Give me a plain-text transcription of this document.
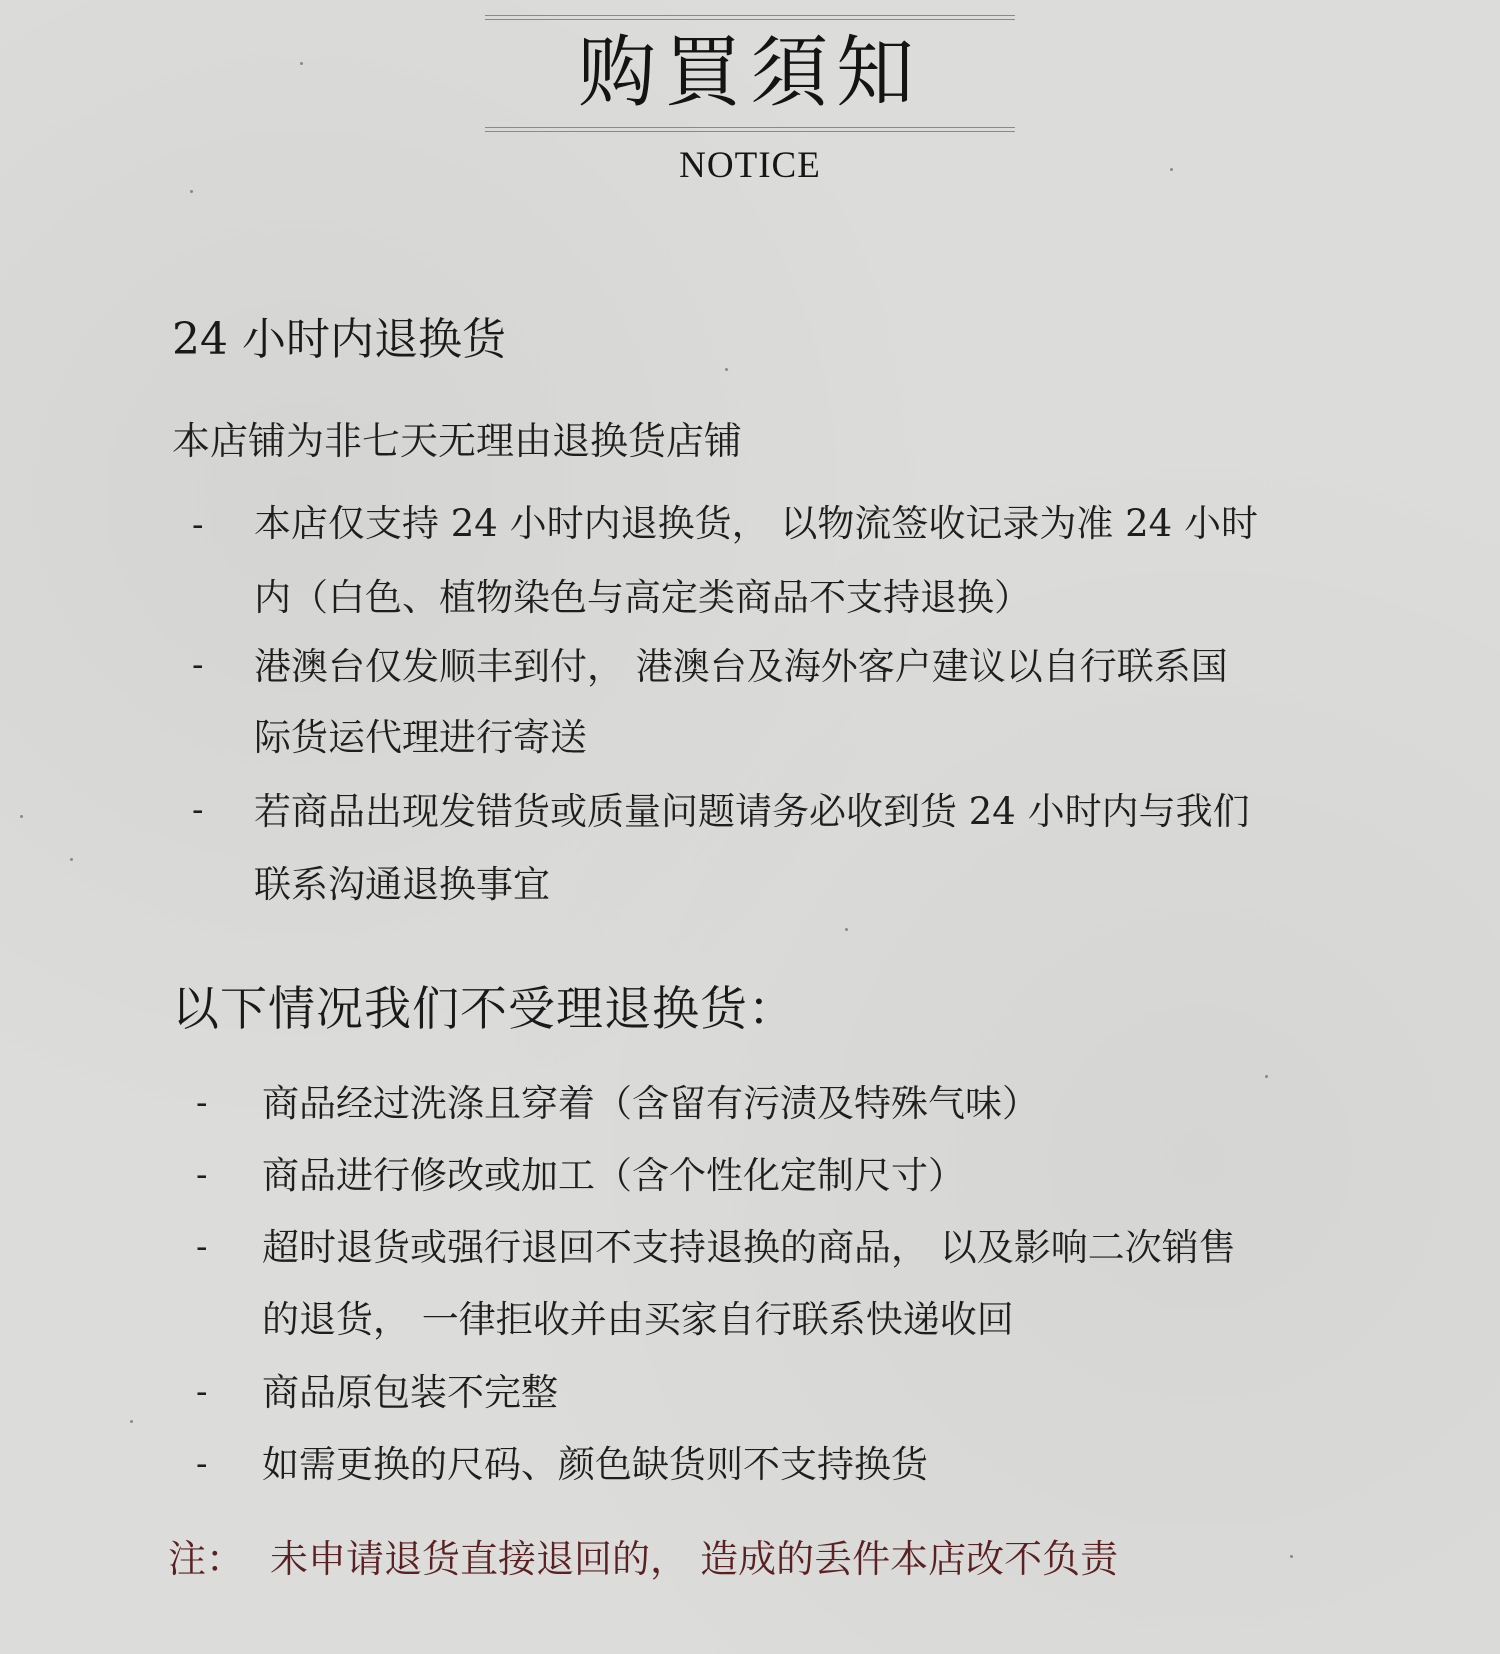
购買須知
NOTICE
24 小时内退换货
本店铺为非七天无理由退换货店铺
- 本店仅支持 24 小时内退换货， 以物流签收记录为准 24 小时
内（白色、植物染色与高定类商品不支持退换）
- 港澳台仅发顺丰到付， 港澳台及海外客户建议以自行联系国
际货运代理进行寄送
- 若商品出现发错货或质量问题请务必收到货 24 小时内与我们
联系沟通退换事宜
以下情况我们不受理退换货：
- 商品经过洗涤且穿着（含留有污渍及特殊气味）
- 商品进行修改或加工（含个性化定制尺寸）
- 超时退货或强行退回不支持退换的商品， 以及影响二次销售
的退货， 一律拒收并由买家自行联系快递收回
- 商品原包装不完整
- 如需更换的尺码、颜色缺货则不支持换货
注： 未申请退货直接退回的， 造成的丢件本店改不负责
